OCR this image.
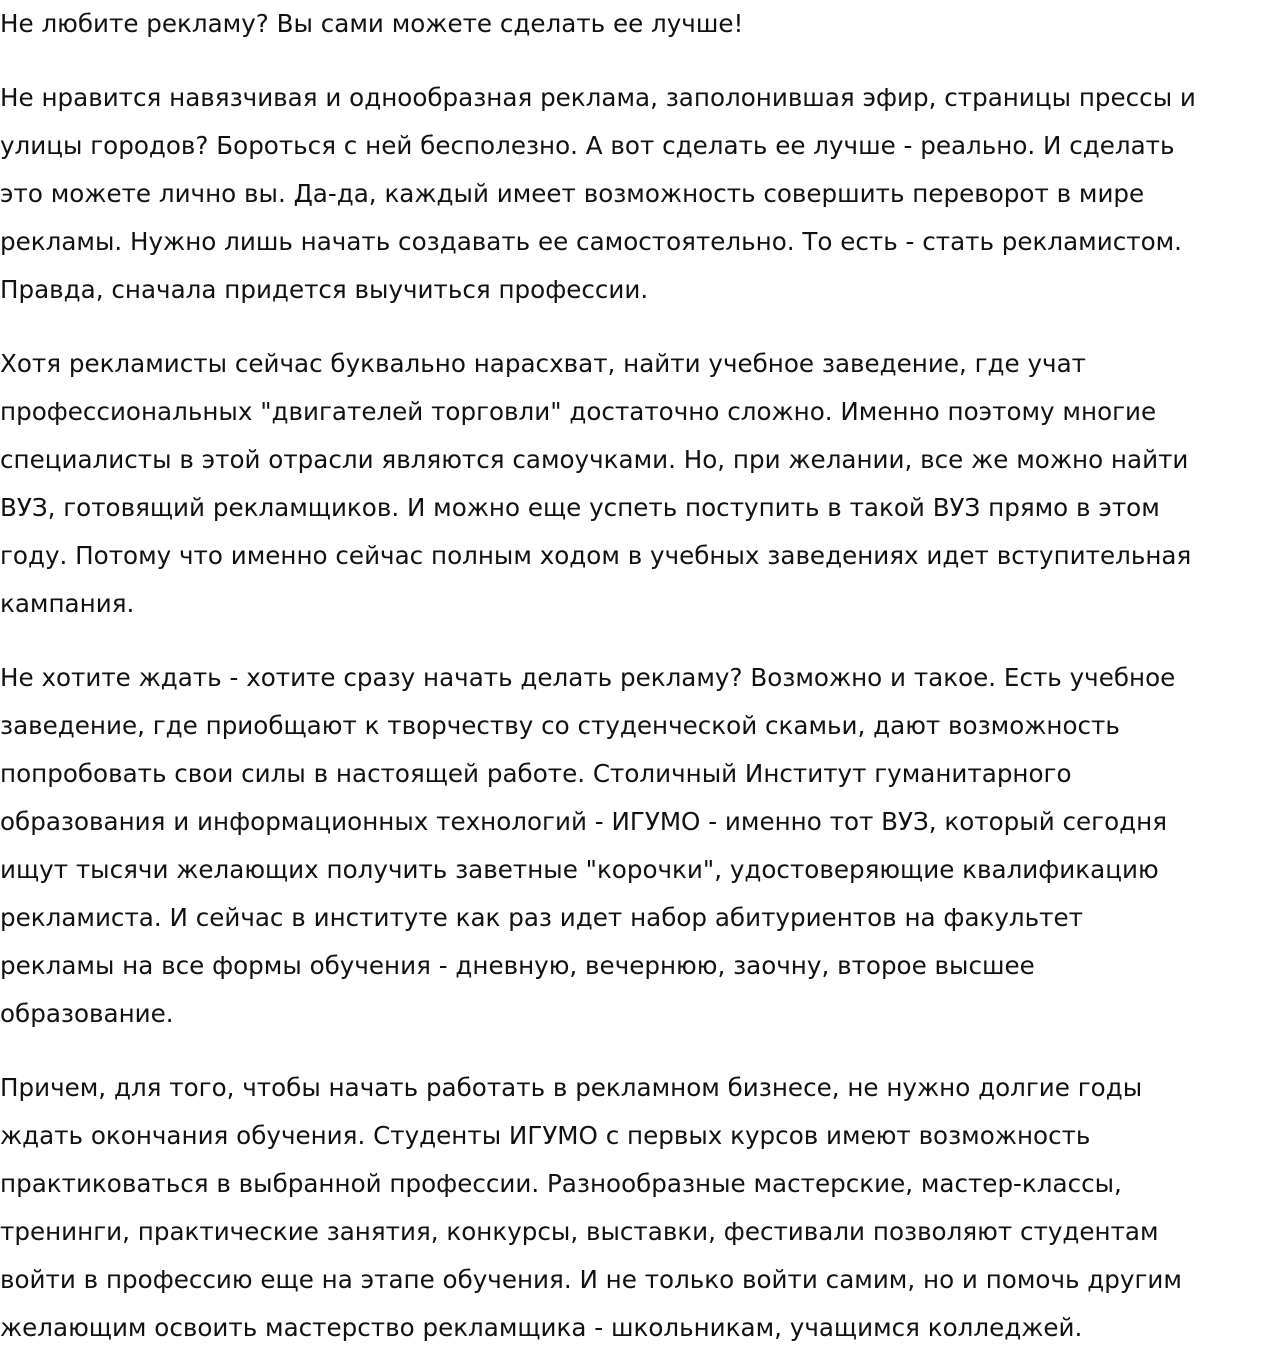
Не любите рекламу? Вы сами можете сделать ее лучше!

Не нравится навязчивая и однообразная реклама, заполонившая эфир, страницы прессы и
улицы городов? Бороться с ней бесполезно. А вот сделать ее лучше - реально. И сделать
это можете лично вы. Да-да, каждый имеет возможность совершить переворот в мире
рекламы. Нужно лишь начать создавать ее самостоятельно. То есть - стать рекламистом.
Правда, сначала придется выучиться профессии.

Хотя рекламисты сейчас буквально нарасхват, найти учебное заведение, где учат
профессиональных "двигателей торговли" достаточно сложно. Именно поэтому многие
специалисты в этой отрасли являются самоучками. Но, при желании, все же можно найти
ВУЗ, готовящий рекламщиков. И можно еще успеть поступить в такой ВУЗ прямо в этом
году. Потому что именно сейчас полным ходом в учебных заведениях идет вступительная
кампания.

Не хотите ждать - хотите сразу начать делать рекламу? Возможно и такое. Есть учебное
заведение, где приобщают к творчеству со студенческой скамьи, дают возможность
попробовать свои силы в настоящей работе. Столичный Институт гуманитарного
образования и информационных технологий - ИГУМО - именно тот ВУЗ, который сегодня
ищут тысячи желающих получить заветные "корочки", удостоверяющие квалификацию
рекламиста. И сейчас в институте как раз идет набор абитуриентов на факультет
рекламы на все формы обучения - дневную, вечернюю, заочну, второе высшее
образование.

Причем, для того, чтобы начать работать в рекламном бизнесе, не нужно долгие годы
ждать окончания обучения. Студенты ИГУМО с первых курсов имеют возможность
практиковаться в выбранной профессии. Разнообразные мастерские, мастер-классы,
тренинги, практические занятия, конкурсы, выставки, фестивали позволяют студентам
войти в профессию еще на этапе обучения. И не только войти самим, но и помочь другим
желающим освоить мастерство рекламщика - школьникам, учащимся колледжей.
